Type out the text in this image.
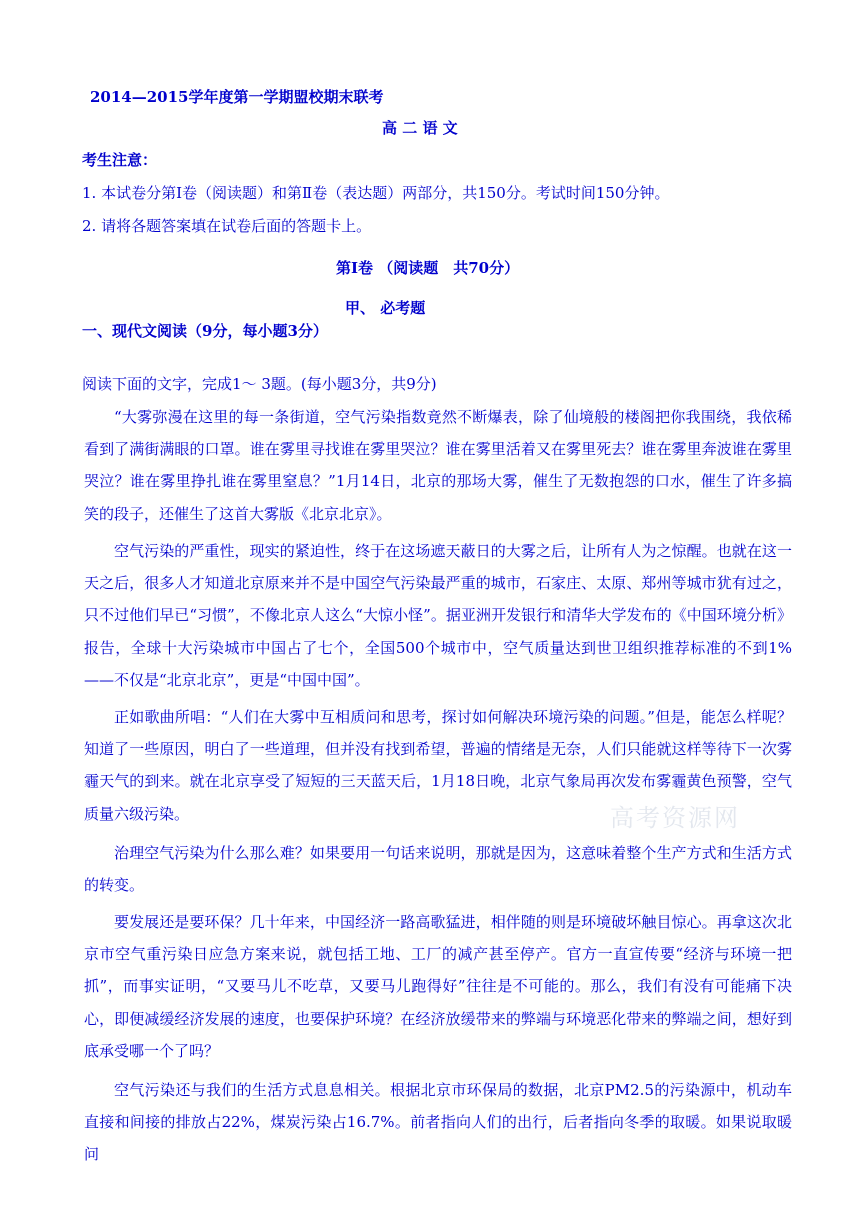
2014—2015学年度第一学期盟校期末联考
高 二 语 文
考生注意：
1. 本试卷分第Ⅰ卷（阅读题）和第Ⅱ卷（表达题）两部分，共150分。考试时间150分钟。
2. 请将各题答案填在试卷后面的答题卡上。
第Ⅰ卷 （阅读题　共70分）
甲、 必考题
一、现代文阅读（9分，每小题3分）
阅读下面的文字，完成1～ 3题。(每小题3分，共9分)

“大雾弥漫在这里的每一条街道，空气污染指数竟然不断爆表，除了仙境般的楼阁把你我围绕，我依稀看到了满街满眼的口罩。谁在雾里寻找谁在雾里哭泣？谁在雾里活着又在雾里死去？谁在雾里奔波谁在雾里哭泣？谁在雾里挣扎谁在雾里窒息？”1月14日，北京的那场大雾，催生了无数抱怨的口水，催生了许多搞笑的段子，还催生了这首大雾版《北京北京》。

空气污染的严重性，现实的紧迫性，终于在这场遮天蔽日的大雾之后，让所有人为之惊醒。也就在这一天之后，很多人才知道北京原来并不是中国空气污染最严重的城市，石家庄、太原、郑州等城市犹有过之，只不过他们早已“习惯”，不像北京人这么“大惊小怪”。据亚洲开发银行和清华大学发布的《中国环境分析》报告，全球十大污染城市中国占了七个，全国500个城市中，空气质量达到世卫组织推荐标准的不到1%——不仅是“北京北京”，更是“中国中国”。

正如歌曲所唱：“人们在大雾中互相质问和思考，探讨如何解决环境污染的问题。”但是，能怎么样呢？知道了一些原因，明白了一些道理，但并没有找到希望，普遍的情绪是无奈，人们只能就这样等待下一次雾霾天气的到来。就在北京享受了短短的三天蓝天后，1月18日晚，北京气象局再次发布雾霾黄色预警，空气质量六级污染。

治理空气污染为什么那么难？如果要用一句话来说明，那就是因为，这意味着整个生产方式和生活方式的转变。

要发展还是要环保？几十年来，中国经济一路高歌猛进，相伴随的则是环境破坏触目惊心。再拿这次北京市空气重污染日应急方案来说，就包括工地、工厂的减产甚至停产。官方一直宣传要“经济与环境一把抓”，而事实证明，“又要马儿不吃草，又要马儿跑得好”往往是不可能的。那么，我们有没有可能痛下决心，即便减缓经济发展的速度，也要保护环境？在经济放缓带来的弊端与环境恶化带来的弊端之间，想好到底承受哪一个了吗？

空气污染还与我们的生活方式息息相关。根据北京市环保局的数据，北京PM2.5的污染源中，机动车直接和间接的排放占22%，煤炭污染占16.7%。前者指向人们的出行，后者指向冬季的取暖。如果说取暖问

高考资源网
